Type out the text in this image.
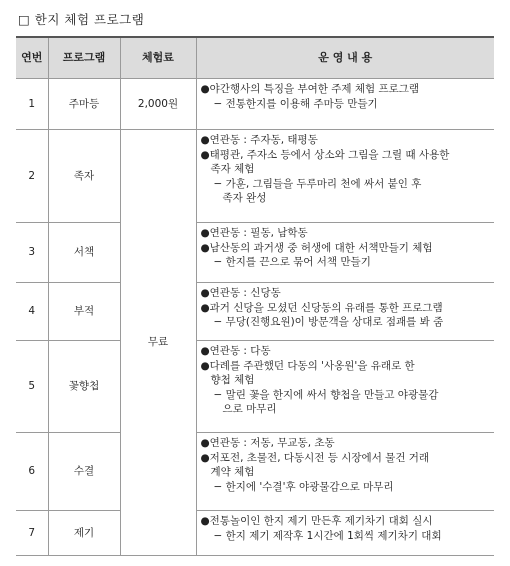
□ 한지 체험 프로그램
연번	프로그램	체험료	운 영 내 용
1	주마등	2,000원	●야간행사의 특징을 부여한 주제 체험 프로그램
− 전통한지를 이용해 주마등 만들기

2	족자	무료	●연관동 : 주자동, 태평동
●태평관, 주자소 등에서 상소와 그림을 그릴 때 사용한
족자 체험
− 가훈, 그림들을 두루마리 천에 싸서 붙인 후
족자 완성

3	서책		●연관동 : 필동, 남학동
●남산동의 과거생 중 허생에 대한 서책만들기 체험
− 한지를 끈으로 묶어 서책 만들기

4	부적		●연관동 : 신당동
●과거 신당을 모셨던 신당동의 유래를 통한 프로그램
− 무당(진행요원)이 방문객을 상대로 점괘를 봐 줌

5	꽃향첩		●연관동 : 다동
●다례를 주관했던 다동의 '사옹원'을 유래로 한
향첩 체험
− 말린 꽃을 한지에 싸서 향첩을 만들고 야광물감
으로 마무리

6	수결		●연관동 : 저동, 무교동, 초동
●저포전, 초물전, 다동시전 등 시장에서 물건 거래
계약 체험
− 한지에 '수결'후 야광물감으로 마무리

7	제기		●전통놀이인 한지 제기 만든후 제기차기 대회 실시
− 한지 제기 제작후 1시간에 1회씩 제기차기 대회
